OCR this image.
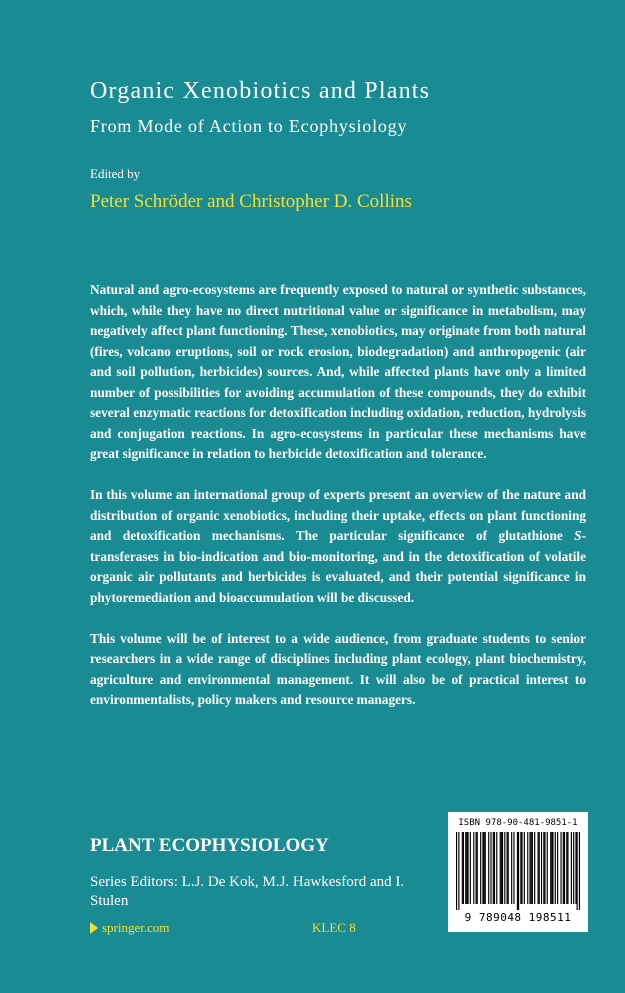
Organic Xenobiotics and Plants
From Mode of Action to Ecophysiology
Edited by
Peter Schröder and Christopher D. Collins

Natural and agro-ecosystems are frequently exposed to natural or synthetic substances, which, while they have no direct nutritional value or significance in metabolism, may negatively affect plant functioning. These, xenobiotics, may originate from both natural (fires, volcano eruptions, soil or rock erosion, biodegradation) and anthropogenic (air and soil pollution, herbicides) sources. And, while affected plants have only a limited number of possibilities for avoiding accumulation of these compounds, they do exhibit several enzymatic reactions for detoxification including oxidation, reduction, hydrolysis and conjugation reactions. In agro-ecosystems in particular these mechanisms have great significance in relation to herbicide detoxification and tolerance.

In this volume an international group of experts present an overview of the nature and distribution of organic xenobiotics, including their uptake, effects on plant functioning and detoxification mechanisms. The particular significance of glutathione S-transferases in bio-indication and bio-monitoring, and in the detoxification of volatile organic air pollutants and herbicides is evaluated, and their potential significance in phytoremediation and bioaccumulation will be discussed.

This volume will be of interest to a wide audience, from graduate students to senior researchers in a wide range of disciplines including plant ecology, plant biochemistry, agriculture and environmental management. It will also be of practical interest to environmentalists, policy makers and resource managers.

PLANT ECOPHYSIOLOGY
Series Editors: L.J. De Kok, M.J. Hawkesford and I. Stulen
springer.com	KLEC 8
ISBN 978-90-481-9851-1
9 789048 198511
